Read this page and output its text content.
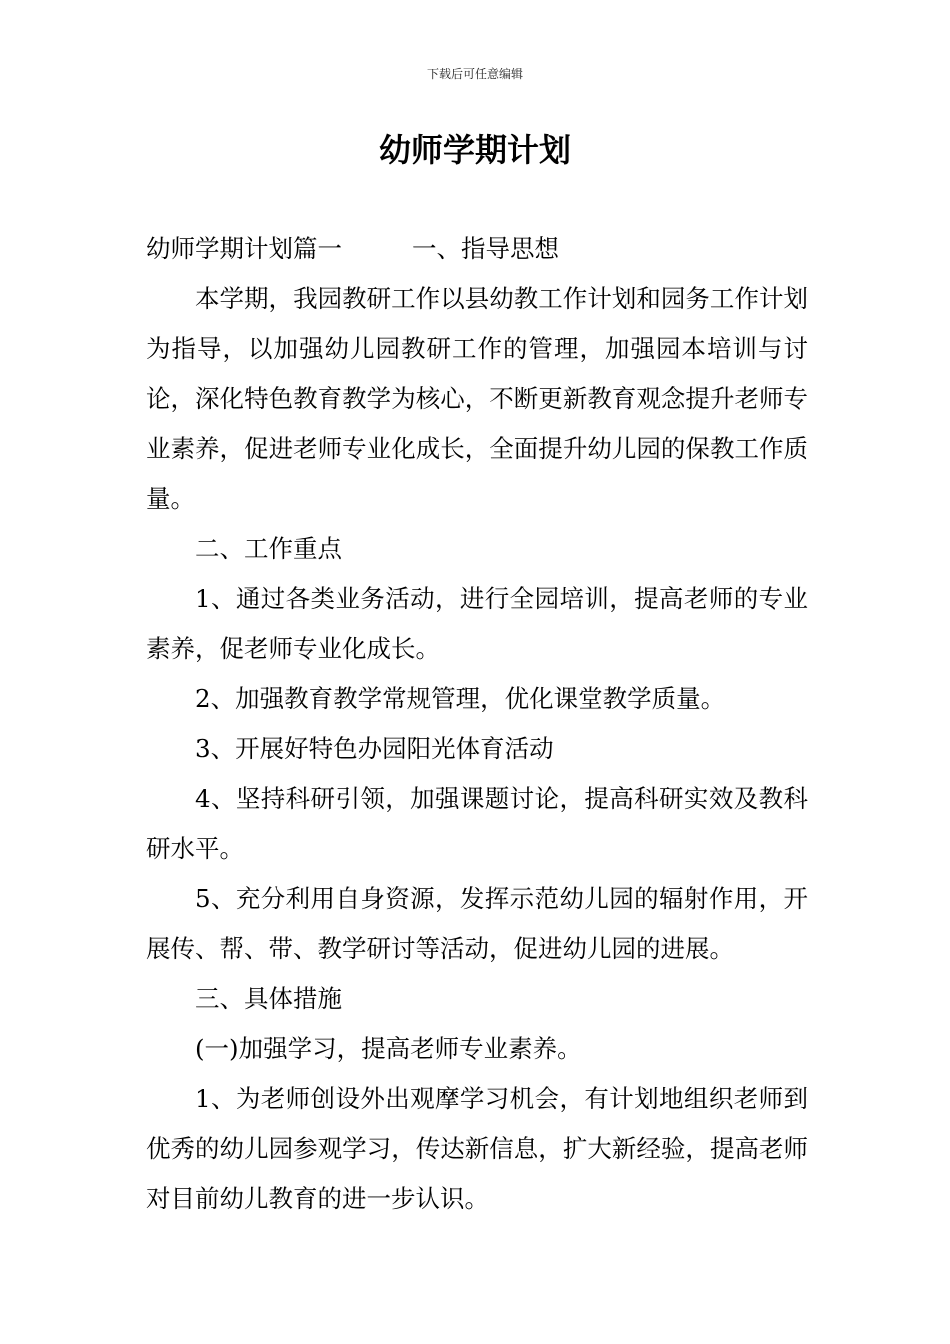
下载后可任意编辑
幼师学期计划

幼师学期计划篇一	一、指导思想

本学期，我园教研工作以县幼教工作计划和园务工作计划为指导，以加强幼儿园教研工作的管理，加强园本培训与讨论，深化特色教育教学为核心，不断更新教育观念提升老师专业素养，促进老师专业化成长，全面提升幼儿园的保教工作质量。

二、工作重点

1、通过各类业务活动，进行全园培训，提高老师的专业素养，促老师专业化成长。

2、加强教育教学常规管理，优化课堂教学质量。

3、开展好特色办园阳光体育活动

4、坚持科研引领，加强课题讨论，提高科研实效及教科研水平。

5、充分利用自身资源，发挥示范幼儿园的辐射作用，开展传、帮、带、教学研讨等活动，促进幼儿园的进展。

三、具体措施

(一)加强学习，提高老师专业素养。

1、为老师创设外出观摩学习机会，有计划地组织老师到优秀的幼儿园参观学习，传达新信息，扩大新经验，提高老师对目前幼儿教育的进一步认识。
